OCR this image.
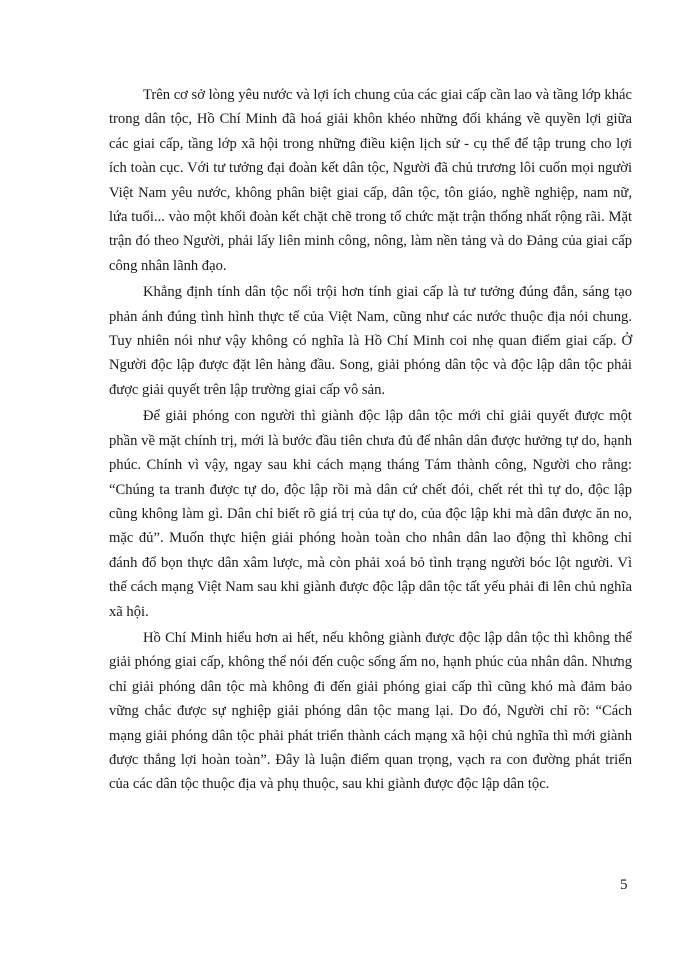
Trên cơ sở lòng yêu nước và lợi ích chung của các giai cấp cần lao và tầng lớp khác trong dân tộc, Hồ Chí Minh đã hoá giải khôn khéo những đối kháng về quyền lợi giữa các giai cấp, tầng lớp xã hội trong những điều kiện lịch sử - cụ thể để tập trung cho lợi ích toàn cục. Với tư tưởng đại đoàn kết dân tộc, Người đã chủ trương lôi cuốn mọi người Việt Nam yêu nước, không phân biệt giai cấp, dân tộc, tôn giáo, nghề nghiệp, nam nữ, lứa tuổi... vào một khối đoàn kết chặt chẽ trong tổ chức mặt trận thống nhất rộng rãi. Mặt trận đó theo Người, phải lấy liên minh công, nông, làm nền tảng và do Đảng của giai cấp công nhân lãnh đạo.

Khẳng định tính dân tộc nổi trội hơn tính giai cấp là tư tưởng đúng đắn, sáng tạo phản ánh đúng tình hình thực tế của Việt Nam, cũng như các nước thuộc địa nói chung. Tuy nhiên nói như vậy không có nghĩa là Hồ Chí Minh coi nhẹ quan điểm giai cấp. Ở Người độc lập được đặt lên hàng đầu. Song, giải phóng dân tộc và độc lập dân tộc phải được giải quyết trên lập trường giai cấp vô sản.

Để giải phóng con người thì giành độc lập dân tộc mới chỉ giải quyết được một phần về mặt chính trị, mới là bước đầu tiên chưa đủ để nhân dân được hưởng tự do, hạnh phúc. Chính vì vậy, ngay sau khi cách mạng tháng Tám thành công, Người cho rằng: “Chúng ta tranh được tự do, độc lập rồi mà dân cứ chết đói, chết rét thì tự do, độc lập cũng không làm gì. Dân chỉ biết rõ giá trị của tự do, của độc lập khi mà dân được ăn no, mặc đủ”. Muốn thực hiện giải phóng hoàn toàn cho nhân dân lao động thì không chỉ đánh đổ bọn thực dân xâm lược, mà còn phải xoá bỏ tình trạng người bóc lột người. Vì thế cách mạng Việt Nam sau khi giành được độc lập dân tộc tất yếu phải đi lên chủ nghĩa xã hội.

Hồ Chí Minh hiểu hơn ai hết, nếu không giành được độc lập dân tộc thì không thể giải phóng giai cấp, không thể nói đến cuộc sống ấm no, hạnh phúc của nhân dân. Nhưng chỉ giải phóng dân tộc mà không đi đến giải phóng giai cấp thì cũng khó mà đảm bảo vững chắc được sự nghiệp giải phóng dân tộc mang lại. Do đó, Người chỉ rõ: “Cách mạng giải phóng dân tộc phải phát triển thành cách mạng xã hội chủ nghĩa thì mới giành được thắng lợi hoàn toàn”. Đây là luận điểm quan trọng, vạch ra con đường phát triển của các dân tộc thuộc địa và phụ thuộc, sau khi giành được độc lập dân tộc.

5
